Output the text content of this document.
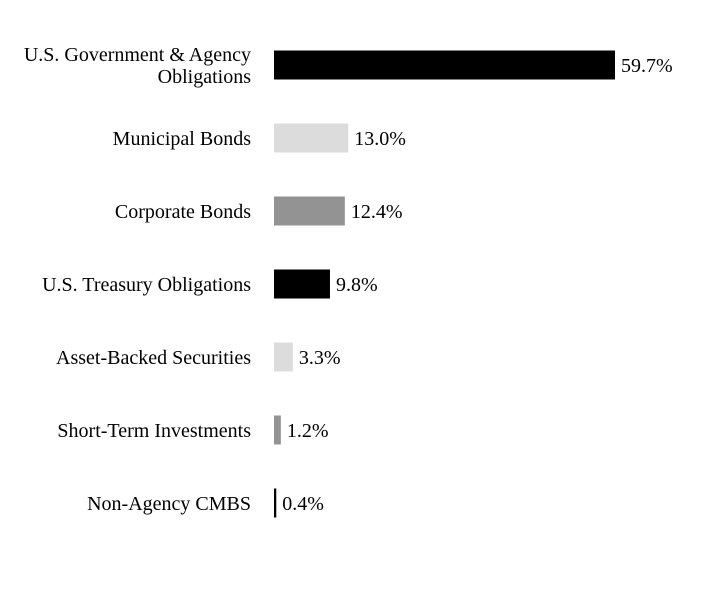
U.S. Government & Agency
Obligations	59.7%
Municipal Bonds	13.0%
Corporate Bonds	12.4%
U.S. Treasury Obligations	9.8%
Asset-Backed Securities 3.3%
Short-Term Investments 1.2%
Non-Agency CMBS 0.4%
